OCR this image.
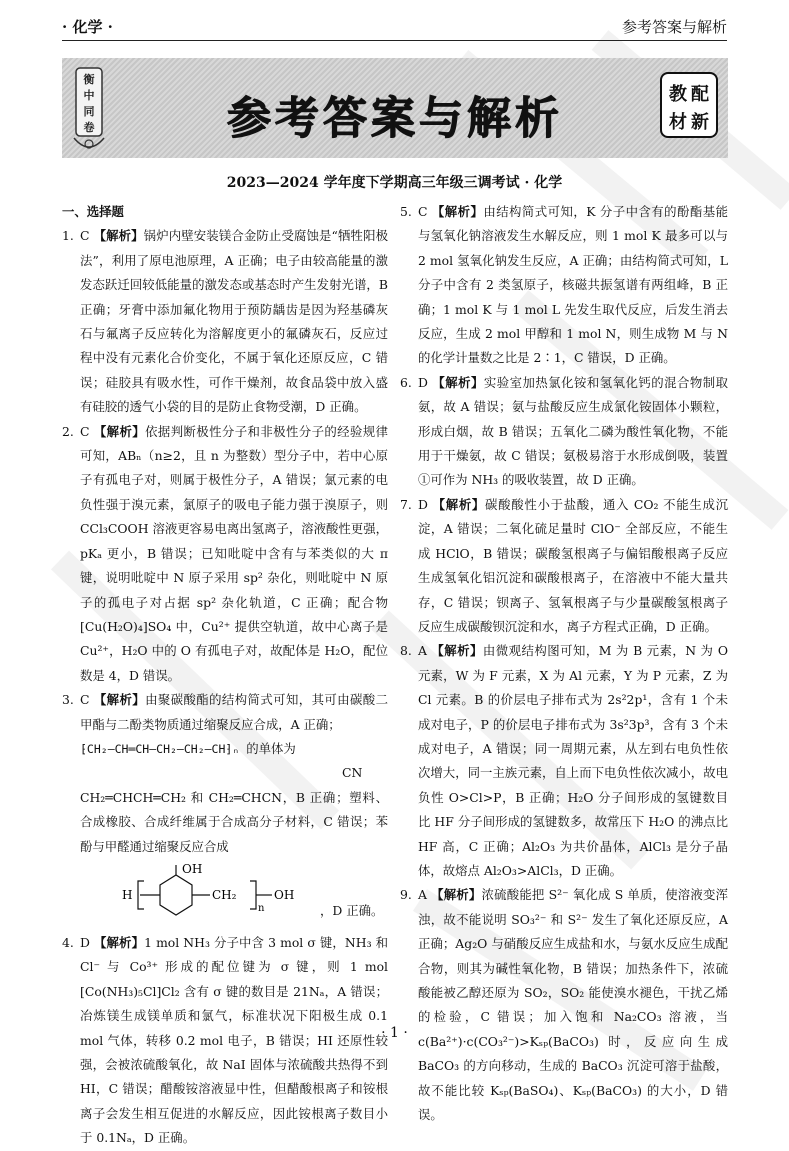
· 化学 ·	参考答案与解析
衡中同卷	参考答案与解析	教 配
材 新
2023—2024 学年度下学期高三年级三调考试 · 化学
一、选择题
1. C 【解析】锅炉内壁安装镁合金防止受腐蚀是“牺牲阳极法”，利用了原电池原理，A 正确；电子由较高能量的激发态跃迁回较低能量的激发态或基态时产生发射光谱，B 正确；牙膏中添加氟化物用于预防龋齿是因为羟基磷灰石与氟离子反应转化为溶解度更小的氟磷灰石，反应过程中没有元素化合价变化，不属于氧化还原反应，C 错误；硅胶具有吸水性，可作干燥剂，故食品袋中放入盛有硅胶的透气小袋的目的是防止食物受潮，D 正确。
2. C 【解析】依据判断极性分子和非极性分子的经验规律可知，ABₙ（n≥2，且 n 为整数）型分子中，若中心原子有孤电子对，则属于极性分子，A 错误；氯元素的电负性强于溴元素，氯原子的吸电子能力强于溴原子，则 CCl₃COOH 溶液更容易电离出氢离子，溶液酸性更强，pKₐ 更小，B 错误；已知吡啶中含有与苯类似的大 π 键，说明吡啶中 N 原子采用 sp² 杂化，则吡啶中 N 原子的孤电子对占据 sp² 杂化轨道，C 正确；配合物 [Cu(H₂O)₄]SO₄ 中，Cu²⁺ 提供空轨道，故中心离子是 Cu²⁺，H₂O 中的 O 有孤电子对，故配体是 H₂O，配位数是 4，D 错误。
3. C 【解析】由聚碳酸酯的结构简式可知，其可由碳酸二甲酯与二酚类物质通过缩聚反应合成，A 正确；
⁅CH₂—CH═CH—CH₂—CH₂—CH⁆ₙ 的单体为
CN
CH₂═CHCH═CH₂ 和 CH₂═CHCN，B 正确；塑料、合成橡胶、合成纤维属于合成高分子材料，C 错误；苯酚与甲醛通过缩聚反应合成
OH
H	CH₂
n
OH
，D 正确。
4. D 【解析】1 mol NH₃ 分子中含 3 mol σ 键，NH₃ 和 Cl⁻ 与 Co³⁺ 形成的配位键为 σ 键，则 1 mol [Co(NH₃)₅Cl]Cl₂ 含有 σ 键的数目是 21Nₐ，A 错误；冶炼镁生成镁单质和氯气，标准状况下阳极生成 0.1 mol 气体，转移 0.2 mol 电子，B 错误；HI 还原性较强，会被浓硫酸氧化，故 NaI 固体与浓硫酸共热得不到 HI，C 错误；醋酸铵溶液显中性，但醋酸根离子和铵根离子会发生相互促进的水解反应，因此铵根离子数目小于 0.1Nₐ，D 正确。
5. C 【解析】由结构简式可知，K 分子中含有的酚酯基能与氢氧化钠溶液发生水解反应，则 1 mol K 最多可以与 2 mol 氢氧化钠发生反应，A 正确；由结构简式可知，L 分子中含有 2 类氢原子，核磁共振氢谱有两组峰，B 正确；1 mol K 与 1 mol L 先发生取代反应，后发生消去反应，生成 2 mol 甲醇和 1 mol N，则生成物 M 与 N 的化学计量数之比是 2∶1，C 错误，D 正确。
6. D 【解析】实验室加热氯化铵和氢氧化钙的混合物制取氨，故 A 错误；氨与盐酸反应生成氯化铵固体小颗粒，形成白烟，故 B 错误；五氧化二磷为酸性氧化物，不能用于干燥氨，故 C 错误；氨极易溶于水形成倒吸，装置①可作为 NH₃ 的吸收装置，故 D 正确。
7. D 【解析】碳酸酸性小于盐酸，通入 CO₂ 不能生成沉淀，A 错误；二氧化硫足量时 ClO⁻ 全部反应，不能生成 HClO，B 错误；碳酸氢根离子与偏铝酸根离子反应生成氢氧化铝沉淀和碳酸根离子，在溶液中不能大量共存，C 错误；钡离子、氢氧根离子与少量碳酸氢根离子反应生成碳酸钡沉淀和水，离子方程式正确，D 正确。
8. A 【解析】由微观结构图可知，M 为 B 元素，N 为 O 元素，W 为 F 元素，X 为 Al 元素，Y 为 P 元素，Z 为 Cl 元素。B 的价层电子排布式为 2s²2p¹，含有 1 个未成对电子，P 的价层电子排布式为 3s²3p³，含有 3 个未成对电子，A 错误；同一周期元素，从左到右电负性依次增大，同一主族元素，自上而下电负性依次减小，故电负性 O>Cl>P，B 正确；H₂O 分子间形成的氢键数目比 HF 分子间形成的氢键数多，故常压下 H₂O 的沸点比 HF 高，C 正确；Al₂O₃ 为共价晶体，AlCl₃ 是分子晶体，故熔点 Al₂O₃>AlCl₃，D 正确。
9. A 【解析】浓硫酸能把 S²⁻ 氧化成 S 单质，使溶液变浑浊，故不能说明 SO₃²⁻ 和 S²⁻ 发生了氧化还原反应，A 正确；Ag₂O 与硝酸反应生成盐和水，与氨水反应生成配合物，则其为碱性氧化物，B 错误；加热条件下，浓硫酸能被乙醇还原为 SO₂，SO₂ 能使溴水褪色，干扰乙烯的检验，C 错误；加入饱和 Na₂CO₃ 溶液，当 c(Ba²⁺)·c(CO₃²⁻)>Kₛₚ(BaCO₃) 时，反应向生成 BaCO₃ 的方向移动，生成的 BaCO₃ 沉淀可溶于盐酸，故不能比较 Kₛₚ(BaSO₄)、Kₛₚ(BaCO₃) 的大小，D 错误。
· 1 ·
